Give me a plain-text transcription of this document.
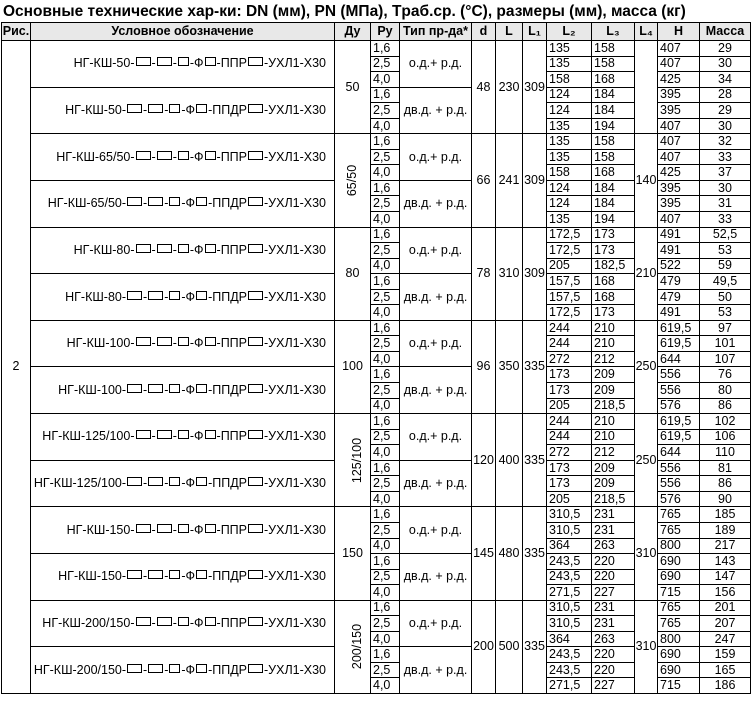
Основные технические хар-ки: DN (мм), PN (МПа), Tраб.ср. (°С), размеры (мм), масса (кг)
Рис.	Условное обозначение	Ду	Ру	Тип пр-да*	d	L	L₁	L₂	L₃	L₄	H	Масса
2	НГ-КШ-50- - - -Ф -ППР -УХЛ1-Х30	50	1,6	о.д.+ р.д.	48	230	309	135	158		407	29
			2,5					135	158		407	30
			4,0					158	168		425	34
	НГ-КШ-50- - - -Ф -ППДР -УХЛ1-Х30		1,6	дв.д. + р.д.				124	184		395	28
			2,5					124	184		395	29
			4,0					135	194		407	30
	НГ-КШ-65/50- - - -Ф -ППР -УХЛ1-Х30	65/50	1,6	о.д.+ р.д.	66	241	309	135	158	140	407	32
			2,5					135	158		407	33
			4,0					158	168		425	37
	НГ-КШ-65/50- - - -Ф -ППДР -УХЛ1-Х30		1,6	дв.д. + р.д.				124	184		395	30
			2,5					124	184		395	31
			4,0					135	194		407	33
	НГ-КШ-80- - - -Ф -ППР -УХЛ1-Х30	80	1,6	о.д.+ р.д.	78	310	309	172,5	173	210	491	52,5
			2,5					172,5	173		491	53
			4,0					205	182,5		522	59
	НГ-КШ-80- - - -Ф -ППДР -УХЛ1-Х30		1,6	дв.д. + р.д.				157,5	168		479	49,5
			2,5					157,5	168		479	50
			4,0					172,5	173		491	53
	НГ-КШ-100- - - -Ф -ППР -УХЛ1-Х30	100	1,6	о.д.+ р.д.	96	350	335	244	210	250	619,5	97
			2,5					244	210		619,5	101
			4,0					272	212		644	107
	НГ-КШ-100- - - -Ф -ППДР -УХЛ1-Х30		1,6	дв.д. + р.д.				173	209		556	76
			2,5					173	209		556	80
			4,0					205	218,5		576	86
	НГ-КШ-125/100- - - -Ф -ППР -УХЛ1-Х30	125/100	1,6	о.д.+ р.д.	120	400	335	244	210	250	619,5	102
			2,5					244	210		619,5	106
			4,0					272	212		644	110
	НГ-КШ-125/100- - - -Ф -ППДР -УХЛ1-Х30		1,6	дв.д. + р.д.				173	209		556	81
			2,5					173	209		556	86
			4,0					205	218,5		576	90
	НГ-КШ-150- - - -Ф -ППР -УХЛ1-Х30	150	1,6	о.д.+ р.д.	145	480	335	310,5	231	310	765	185
			2,5					310,5	231		765	189
			4,0					364	263		800	217
	НГ-КШ-150- - - -Ф -ППДР -УХЛ1-Х30		1,6	дв.д. + р.д.				243,5	220		690	143
			2,5					243,5	220		690	147
			4,0					271,5	227		715	156
	НГ-КШ-200/150- - - -Ф -ППР -УХЛ1-Х30	200/150	1,6	о.д.+ р.д.	200	500	335	310,5	231	310	765	201
			2,5					310,5	231		765	207
			4,0					364	263		800	247
	НГ-КШ-200/150- - - -Ф -ППДР -УХЛ1-Х30		1,6	дв.д. + р.д.				243,5	220		690	159
			2,5					243,5	220		690	165
			4,0					271,5	227		715	186
